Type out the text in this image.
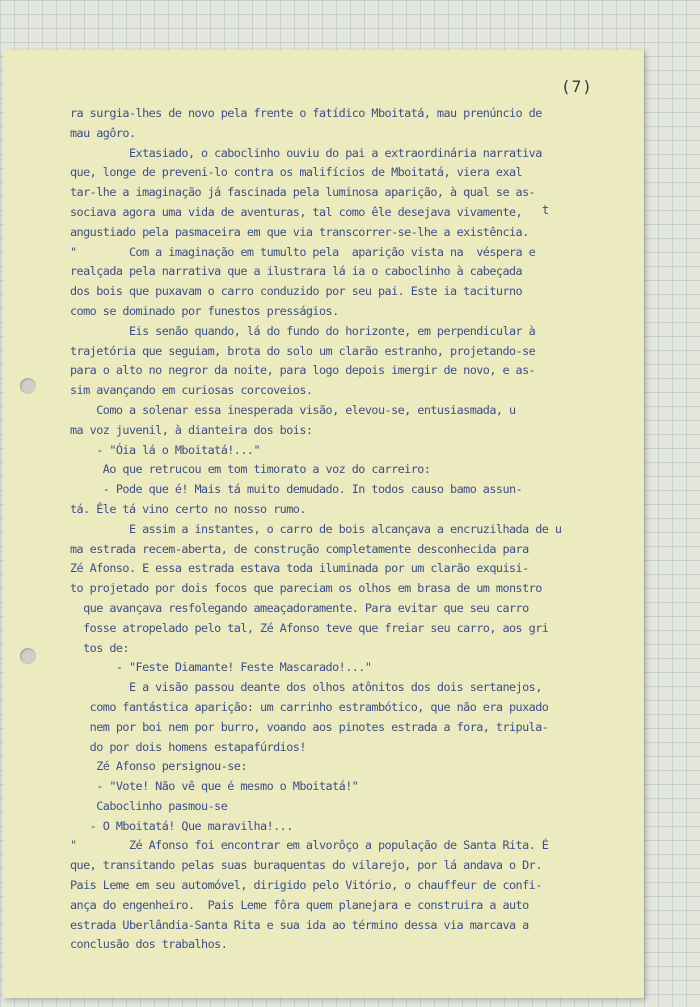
(7)
t
ra surgia-lhes de novo pela frente o fatídico Mboitatá, mau prenúncio de
mau agôro.
Extasiado, o caboclinho ouviu do pai a extraordinária narrativa
que, longe de preveni-lo contra os malifícios de Mboitatá, viera exal
tar-lhe a imaginação já fascinada pela luminosa aparição, à qual se as-
sociava agora uma vida de aventuras, tal como êle desejava vivamente,
angustiado pela pasmaceira em que via transcorrer-se-lhe a existência.
"        Com a imaginação em tumulto pela  aparição vista na  véspera e
realçada pela narrativa que a ilustrara lá ia o caboclinho à cabeçada
dos bois que puxavam o carro conduzido por seu pai. Este ia taciturno
como se dominado por funestos presságios.
Eis senão quando, lá do fundo do horizonte, em perpendicular à
trajetória que seguiam, brota do solo um clarão estranho, projetando-se
para o alto no negror da noite, para logo depois imergir de novo, e as-
sim avançando em curiosas corcoveios.
Como a solenar essa inesperada visão, elevou-se, entusiasmada, u
ma voz juvenil, à dianteira dos bois:
- "Óia lá o Mboitatá!..."
Ao que retrucou em tom timorato a voz do carreiro:
- Pode que é! Mais tá muito demudado. In todos causo bamo assun-
tá. Êle tá vino certo no nosso rumo.
E assim a instantes, o carro de bois alcançava a encruzilhada de u
ma estrada recem-aberta, de construção completamente desconhecida para
Zé Afonso. E essa estrada estava toda iluminada por um clarão exquisi-
to projetado por dois focos que pareciam os olhos em brasa de um monstro
que avançava resfolegando ameaçadoramente. Para evitar que seu carro
fosse atropelado pelo tal, Zé Afonso teve que freiar seu carro, aos gri
tos de:
- "Feste Diamante! Feste Mascarado!..."
E a visão passou deante dos olhos atônitos dos dois sertanejos,
como fantástica aparição: um carrinho estrambótico, que não era puxado
nem por boi nem por burro, voando aos pinotes estrada a fora, tripula-
do por dois homens estapafúrdios!
Zé Afonso persignou-se:
- "Vote! Não vê que é mesmo o Mboitatá!"
Caboclinho pasmou-se
- O Mboitatá! Que maravilha!...
"        Zé Afonso foi encontrar em alvorôço a população de Santa Rita. É
que, transitando pelas suas buraquentas do vilarejo, por lá andava o Dr.
Pais Leme em seu automóvel, dirigido pelo Vitório, o chauffeur de confi-
ança do engenheiro.  Pais Leme fôra quem planejara e construira a auto
estrada Uberlândia-Santa Rita e sua ida ao término dessa via marcava a
conclusão dos trabalhos.
